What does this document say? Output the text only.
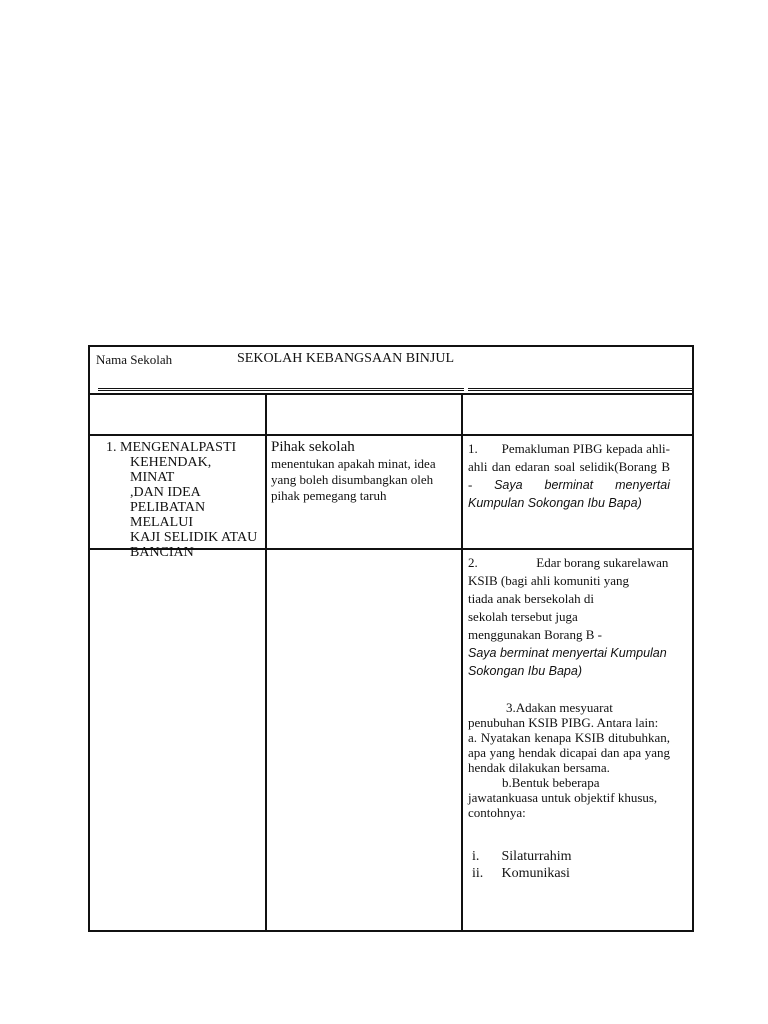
Nama Sekolah	SEKOLAH KEBANGSAAN BINJUL
1. MENGENALPASTI
KEHENDAK,
MINAT
,DAN IDEA
PELIBATAN MELALUI
KAJI SELIDIK ATAU
BANCIAN
Pihak sekolah
menentukan apakah minat, idea yang boleh disumbangkan oleh pihak pemegang taruh
1. Pemakluman PIBG kepada ahli-ahli dan edaran soal selidik(Borang B - Saya berminat menyertai Kumpulan Sokongan Ibu Bapa)
2.	Edar borang sukarelawan
KSIB (bagi ahli komuniti yang
tiada anak bersekolah di
sekolah tersebut juga
menggunakan Borang B -
Saya berminat menyertai Kumpulan Sokongan Ibu Bapa)
3.Adakan mesyuarat
penubuhan KSIB PIBG. Antara lain:
a. Nyatakan kenapa KSIB ditubuhkan, apa yang hendak dicapai dan apa yang hendak dilakukan bersama.
b.Bentuk beberapa
jawatankuasa untuk objektif khusus, contohnya:
i. Silaturrahim
ii. Komunikasi
